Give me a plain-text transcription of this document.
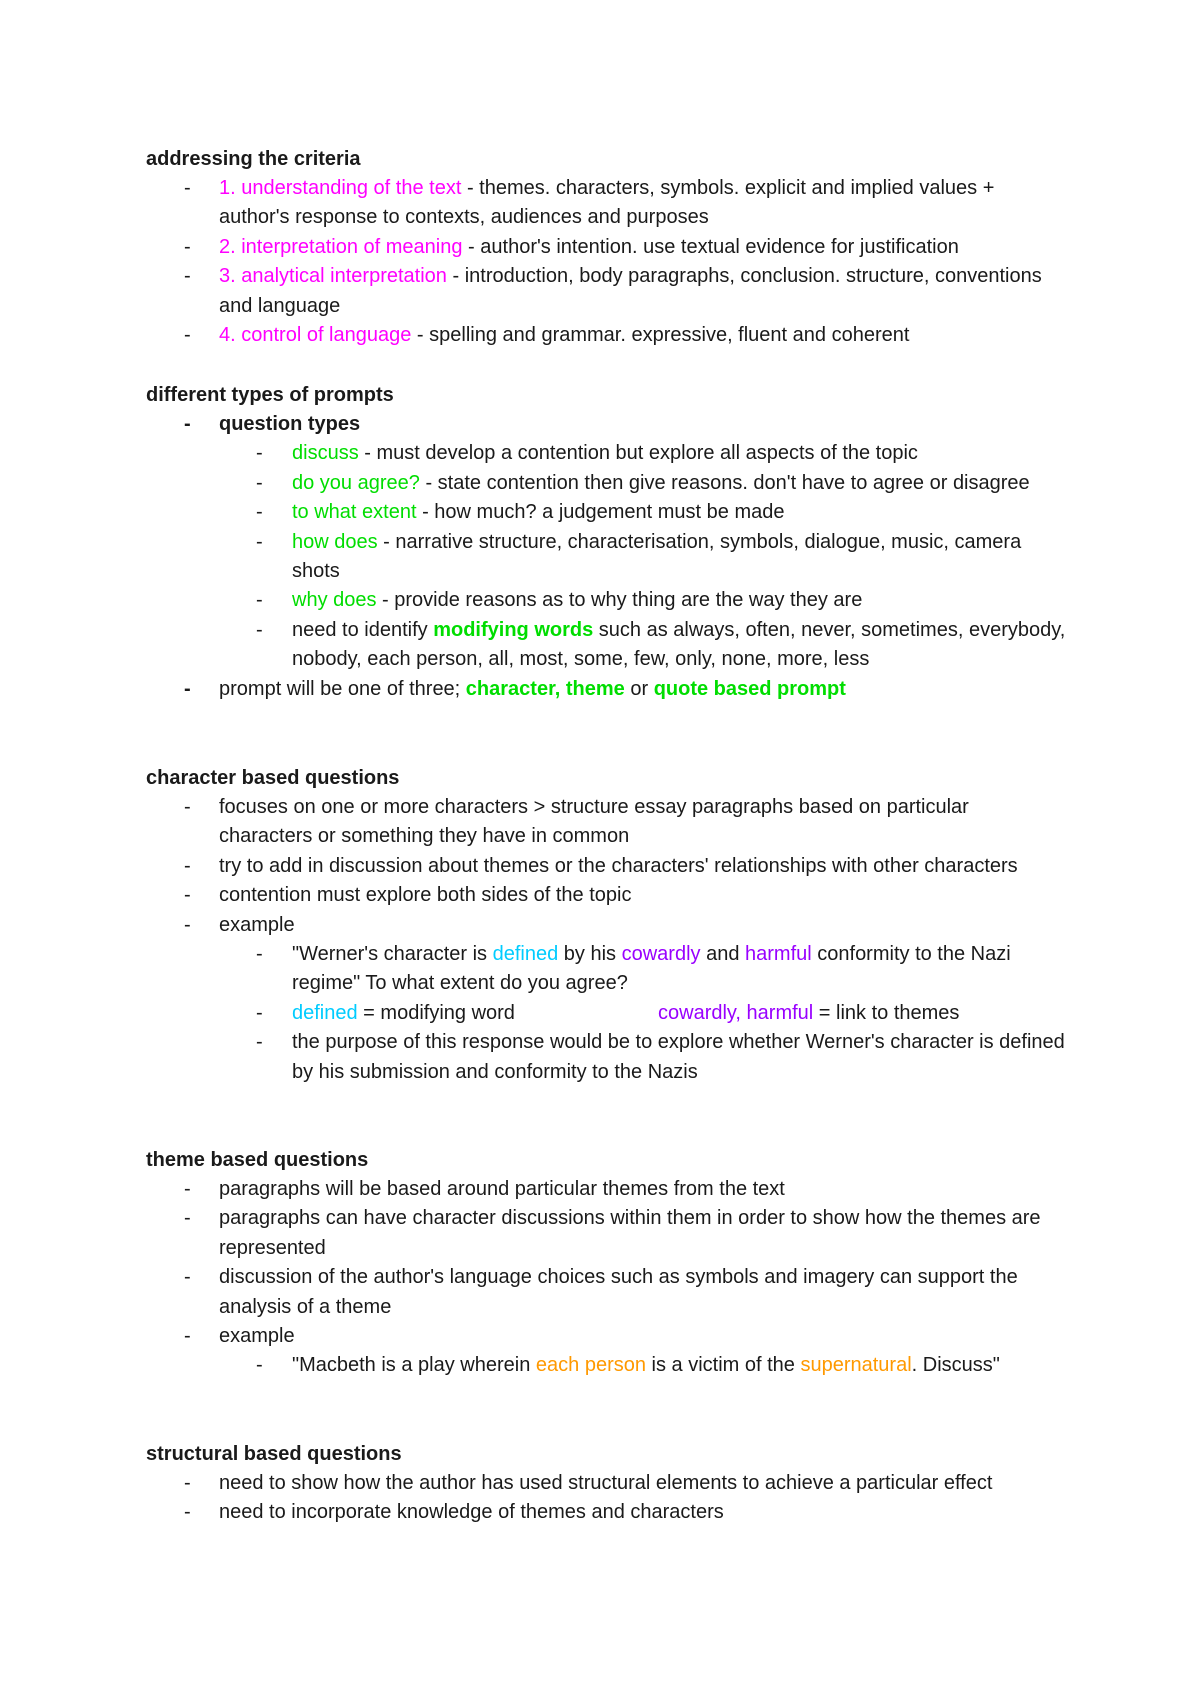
addressing the criteria
- 1. understanding of the text - themes. characters, symbols. explicit and implied values + author's response to contexts, audiences and purposes
- 2. interpretation of meaning - author's intention. use textual evidence for justification
- 3. analytical interpretation - introduction, body paragraphs, conclusion. structure, conventions and language
- 4. control of language - spelling and grammar. expressive, fluent and coherent
different types of prompts
- question types
- discuss - must develop a contention but explore all aspects of the topic
- do you agree? - state contention then give reasons. don't have to agree or disagree
- to what extent - how much? a judgement must be made
- how does - narrative structure, characterisation, symbols, dialogue, music, camera shots
- why does - provide reasons as to why thing are the way they are
- need to identify modifying words such as always, often, never, sometimes, everybody, nobody, each person, all, most, some, few, only, none, more, less
- prompt will be one of three; character, theme or quote based prompt
character based questions
- focuses on one or more characters > structure essay paragraphs based on particular characters or something they have in common
- try to add in discussion about themes or the characters' relationships with other characters
- contention must explore both sides of the topic
- example
- "Werner's character is defined by his cowardly and harmful conformity to the Nazi regime" To what extent do you agree?
- defined = modifying word	cowardly, harmful = link to themes
- the purpose of this response would be to explore whether Werner's character is defined by his submission and conformity to the Nazis
theme based questions
- paragraphs will be based around particular themes from the text
- paragraphs can have character discussions within them in order to show how the themes are represented
- discussion of the author's language choices such as symbols and imagery can support the analysis of a theme
- example
- "Macbeth is a play wherein each person is a victim of the supernatural. Discuss"
structural based questions
- need to show how the author has used structural elements to achieve a particular effect
- need to incorporate knowledge of themes and characters
